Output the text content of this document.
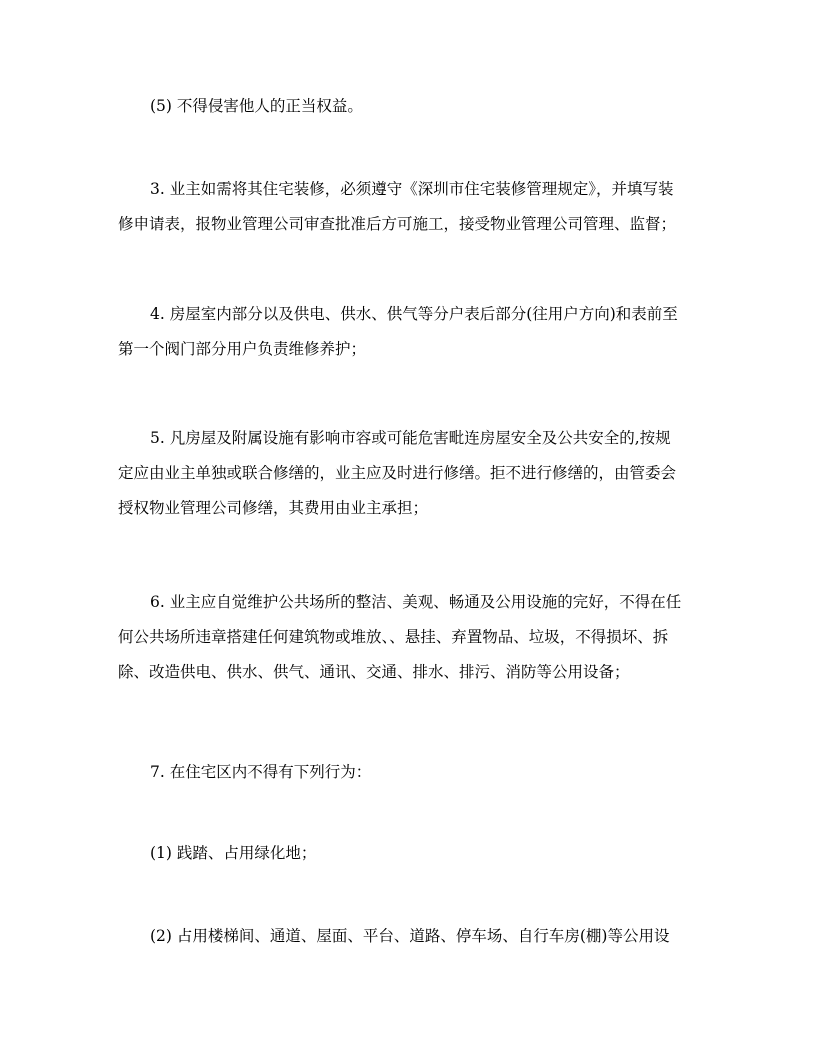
(5) 不得侵害他人的正当权益。
3. 业主如需将其住宅装修，必须遵守《深圳市住宅装修管理规定》，并填写装
修申请表，报物业管理公司审查批准后方可施工，接受物业管理公司管理、监督；
4. 房屋室内部分以及供电、供水、供气等分户表后部分(往用户方向)和表前至
第一个阀门部分用户负责维修养护；
5. 凡房屋及附属设施有影响市容或可能危害毗连房屋安全及公共安全的,按规
定应由业主单独或联合修缮的，业主应及时进行修缮。拒不进行修缮的，由管委会
授权物业管理公司修缮，其费用由业主承担；
6. 业主应自觉维护公共场所的整洁、美观、畅通及公用设施的完好，不得在任
何公共场所违章搭建任何建筑物或堆放、、悬挂、弃置物品、垃圾，不得损坏、拆
除、改造供电、供水、供气、通讯、交通、排水、排污、消防等公用设备；
7. 在住宅区内不得有下列行为：
(1) 践踏、占用绿化地；
(2) 占用楼梯间、通道、屋面、平台、道路、停车场、自行车房(棚)等公用设
